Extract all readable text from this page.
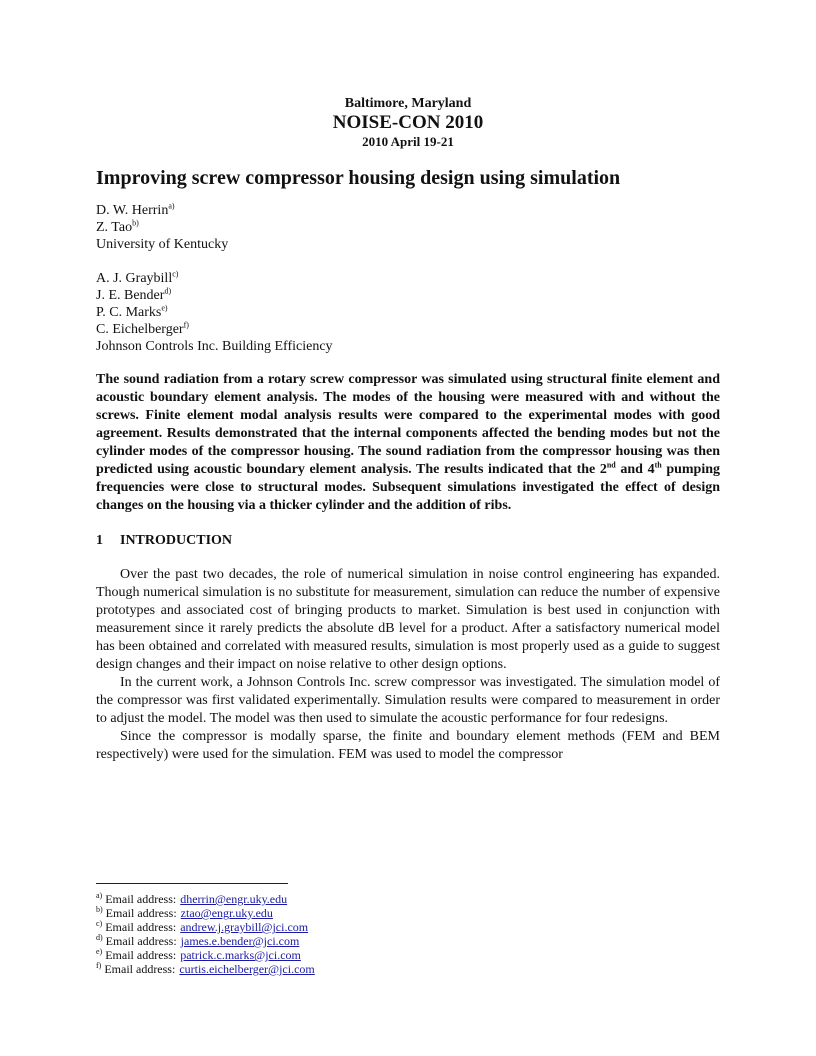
Baltimore, Maryland
NOISE-CON 2010
2010 April 19-21
Improving screw compressor housing design using simulation
D. W. Herrin$^{a)}$
Z. Tao$^{b)}$
University of Kentucky
A. J. Graybill$^{c)}$
J. E. Bender$^{d)}$
P. C. Marks$^{e)}$
C. Eichelberger$^{f)}$
Johnson Controls Inc. Building Efficiency
The sound radiation from a rotary screw compressor was simulated using structural finite element and acoustic boundary element analysis. The modes of the housing were measured with and without the screws. Finite element modal analysis results were compared to the experimental modes with good agreement. Results demonstrated that the internal components affected the bending modes but not the cylinder modes of the compressor housing. The sound radiation from the compressor housing was then predicted using acoustic boundary element analysis. The results indicated that the 2nd and 4th pumping frequencies were close to structural modes. Subsequent simulations investigated the effect of design changes on the housing via a thicker cylinder and the addition of ribs.
1 INTRODUCTION

Over the past two decades, the role of numerical simulation in noise control engineering has expanded. Though numerical simulation is no substitute for measurement, simulation can reduce the number of expensive prototypes and associated cost of bringing products to market. Simulation is best used in conjunction with measurement since it rarely predicts the absolute dB level for a product. After a satisfactory numerical model has been obtained and correlated with measured results, simulation is most properly used as a guide to suggest design changes and their impact on noise relative to other design options.

In the current work, a Johnson Controls Inc. screw compressor was investigated. The simulation model of the compressor was first validated experimentally. Simulation results were compared to measurement in order to adjust the model. The model was then used to simulate the acoustic performance for four redesigns.

Since the compressor is modally sparse, the finite and boundary element methods (FEM and BEM respectively) were used for the simulation. FEM was used to model the compressor

$^{a)}$ Email address: dherrin@engr.uky.edu
$^{b)}$ Email address: ztao@engr.uky.edu
$^{c)}$ Email address: andrew.j.graybill@jci.com
$^{d)}$ Email address: james.e.bender@jci.com
$^{e)}$ Email address: patrick.c.marks@jci.com
$^{f)}$ Email address: curtis.eichelberger@jci.com
